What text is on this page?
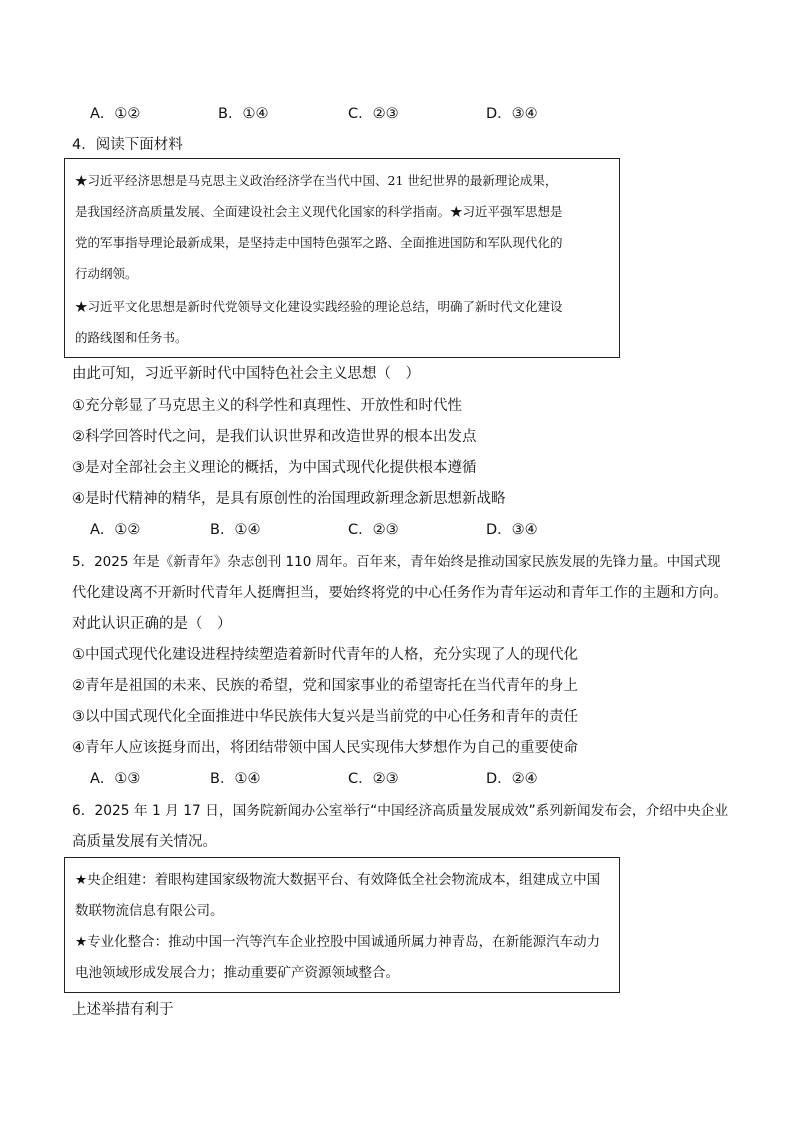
A．①②	B．①④	C．②③	D．③④
4．阅读下面材料
★习近平经济思想是马克思主义政治经济学在当代中国、21 世纪世界的最新理论成果，
是我国经济高质量发展、全面建设社会主义现代化国家的科学指南。★习近平强军思想是
党的军事指导理论最新成果，是坚持走中国特色强军之路、全面推进国防和军队现代化的
行动纲领。
★习近平文化思想是新时代党领导文化建设实践经验的理论总结，明确了新时代文化建设
的路线图和任务书。
由此可知，习近平新时代中国特色社会主义思想（　）
①充分彰显了马克思主义的科学性和真理性、开放性和时代性
②科学回答时代之问，是我们认识世界和改造世界的根本出发点
③是对全部社会主义理论的概括，为中国式现代化提供根本遵循
④是时代精神的精华，是具有原创性的治国理政新理念新思想新战略
A．①②	B．①④	C．②③	D．③④
5．2025 年是《新青年》杂志创刊 110 周年。百年来，青年始终是推动国家民族发展的先锋力量。中国式现
代化建设离不开新时代青年人挺膺担当，要始终将党的中心任务作为青年运动和青年工作的主题和方向。
对此认识正确的是（　）
①中国式现代化建设进程持续塑造着新时代青年的人格，充分实现了人的现代化
②青年是祖国的未来、民族的希望，党和国家事业的希望寄托在当代青年的身上
③以中国式现代化全面推进中华民族伟大复兴是当前党的中心任务和青年的责任
④青年人应该挺身而出，将团结带领中国人民实现伟大梦想作为自己的重要使命
A．①③	B．①④	C．②③	D．②④
6．2025 年 1 月 17 日，国务院新闻办公室举行“中国经济高质量发展成效”系列新闻发布会，介绍中央企业
高质量发展有关情况。
★央企组建：着眼构建国家级物流大数据平台、有效降低全社会物流成本，组建成立中国
数联物流信息有限公司。
★专业化整合：推动中国一汽等汽车企业控股中国诚通所属力神青岛，在新能源汽车动力
电池领域形成发展合力；推动重要矿产资源领域整合。
上述举措有利于
